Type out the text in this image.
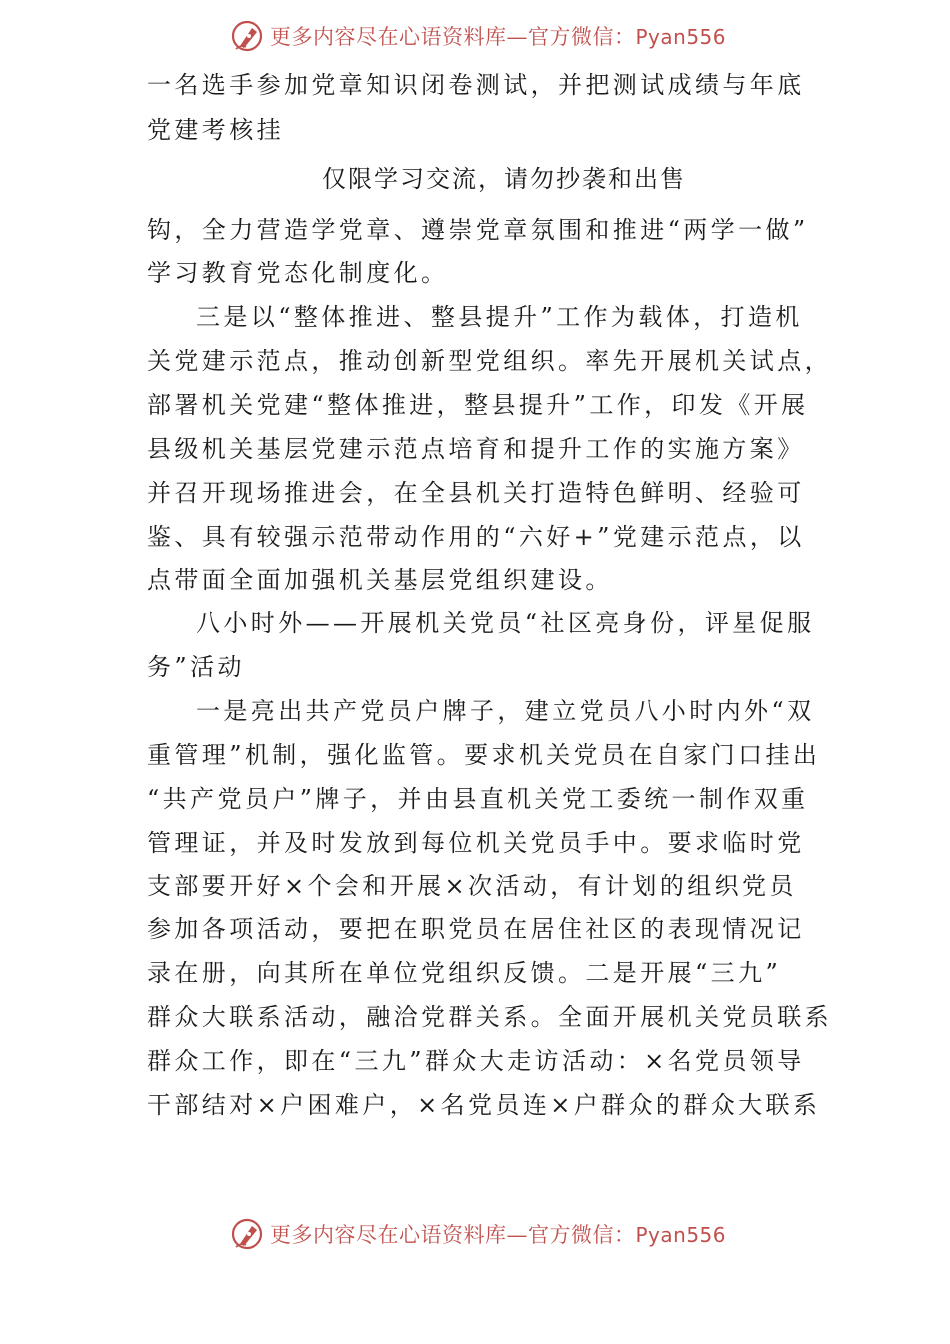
更多内容尽在心语资料库—官方微信：Pyan556
一名选手参加党章知识闭卷测试，并把测试成绩与年底
党建考核挂
仅限学习交流，请勿抄袭和出售
钩，全力营造学党章、遵崇党章氛围和推进“两学一做”
学习教育党态化制度化。
三是以“整体推进、整县提升”工作为载体，打造机
关党建示范点，推动创新型党组织。率先开展机关试点，
部署机关党建“整体推进，整县提升”工作，印发《开展
县级机关基层党建示范点培育和提升工作的实施方案》
并召开现场推进会，在全县机关打造特色鲜明、经验可
鉴、具有较强示范带动作用的“六好+”党建示范点，以
点带面全面加强机关基层党组织建设。
八小时外——开展机关党员“社区亮身份，评星促服
务”活动
一是亮出共产党员户牌子，建立党员八小时内外“双
重管理”机制，强化监管。要求机关党员在自家门口挂出
“共产党员户”牌子，并由县直机关党工委统一制作双重
管理证，并及时发放到每位机关党员手中。要求临时党
支部要开好×个会和开展×次活动，有计划的组织党员
参加各项活动，要把在职党员在居住社区的表现情况记
录在册，向其所在单位党组织反馈。二是开展“三九”
群众大联系活动，融洽党群关系。全面开展机关党员联系
群众工作，即在“三九”群众大走访活动：×名党员领导
干部结对×户困难户，×名党员连×户群众的群众大联系
更多内容尽在心语资料库—官方微信：Pyan556
